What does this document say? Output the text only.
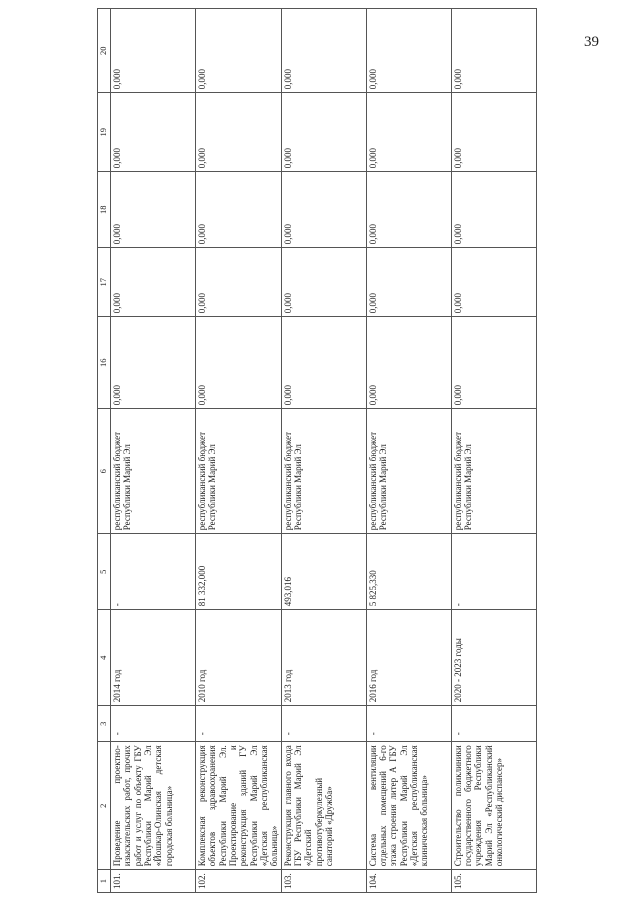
39
1	2	3	4	5	6	16	17	18	19	20
101.	Проведение проектно-изыскательских работ, прочих работ и услуг по объекту ГБУ Республики Марий Эл «Йошкар-Олинская детская городская больница»	-	2014 год	-	республиканский бюджет Республики Марий Эл	0,000	0,000	0,000	0,000	0,000
102.	Комплексная реконструкция объектов здравоохранения Республики Марий Эл. Проектирование и реконструкция зданий ГУ Республики Марий Эл «Детская республиканская больница»	-	2010 год	81 332,000	республиканский бюджет Республики Марий Эл	0,000	0,000	0,000	0,000	0,000
103.	Реконструкция главного входа ГБУ Республики Марий Эл «Детский противотуберкулезный санаторий «Дружба»	-	2013 год	493,016	республиканский бюджет Республики Марий Эл	0,000	0,000	0,000	0,000	0,000
104.	Система вентиляции отдельных помещений 6-го этажа строения литер А ГБУ Республики Марий Эл «Детская республиканская клиническая больница»	-	2016 год	5 825,330	республиканский бюджет Республики Марий Эл	0,000	0,000	0,000	0,000	0,000
105.	Строительство поликлиники государственного бюджетного учреждения Республики Марий Эл «Республиканский онкологический диспансер»	-	2020 - 2023 годы	-	республиканский бюджет Республики Марий Эл	0,000	0,000	0,000	0,000	0,000
